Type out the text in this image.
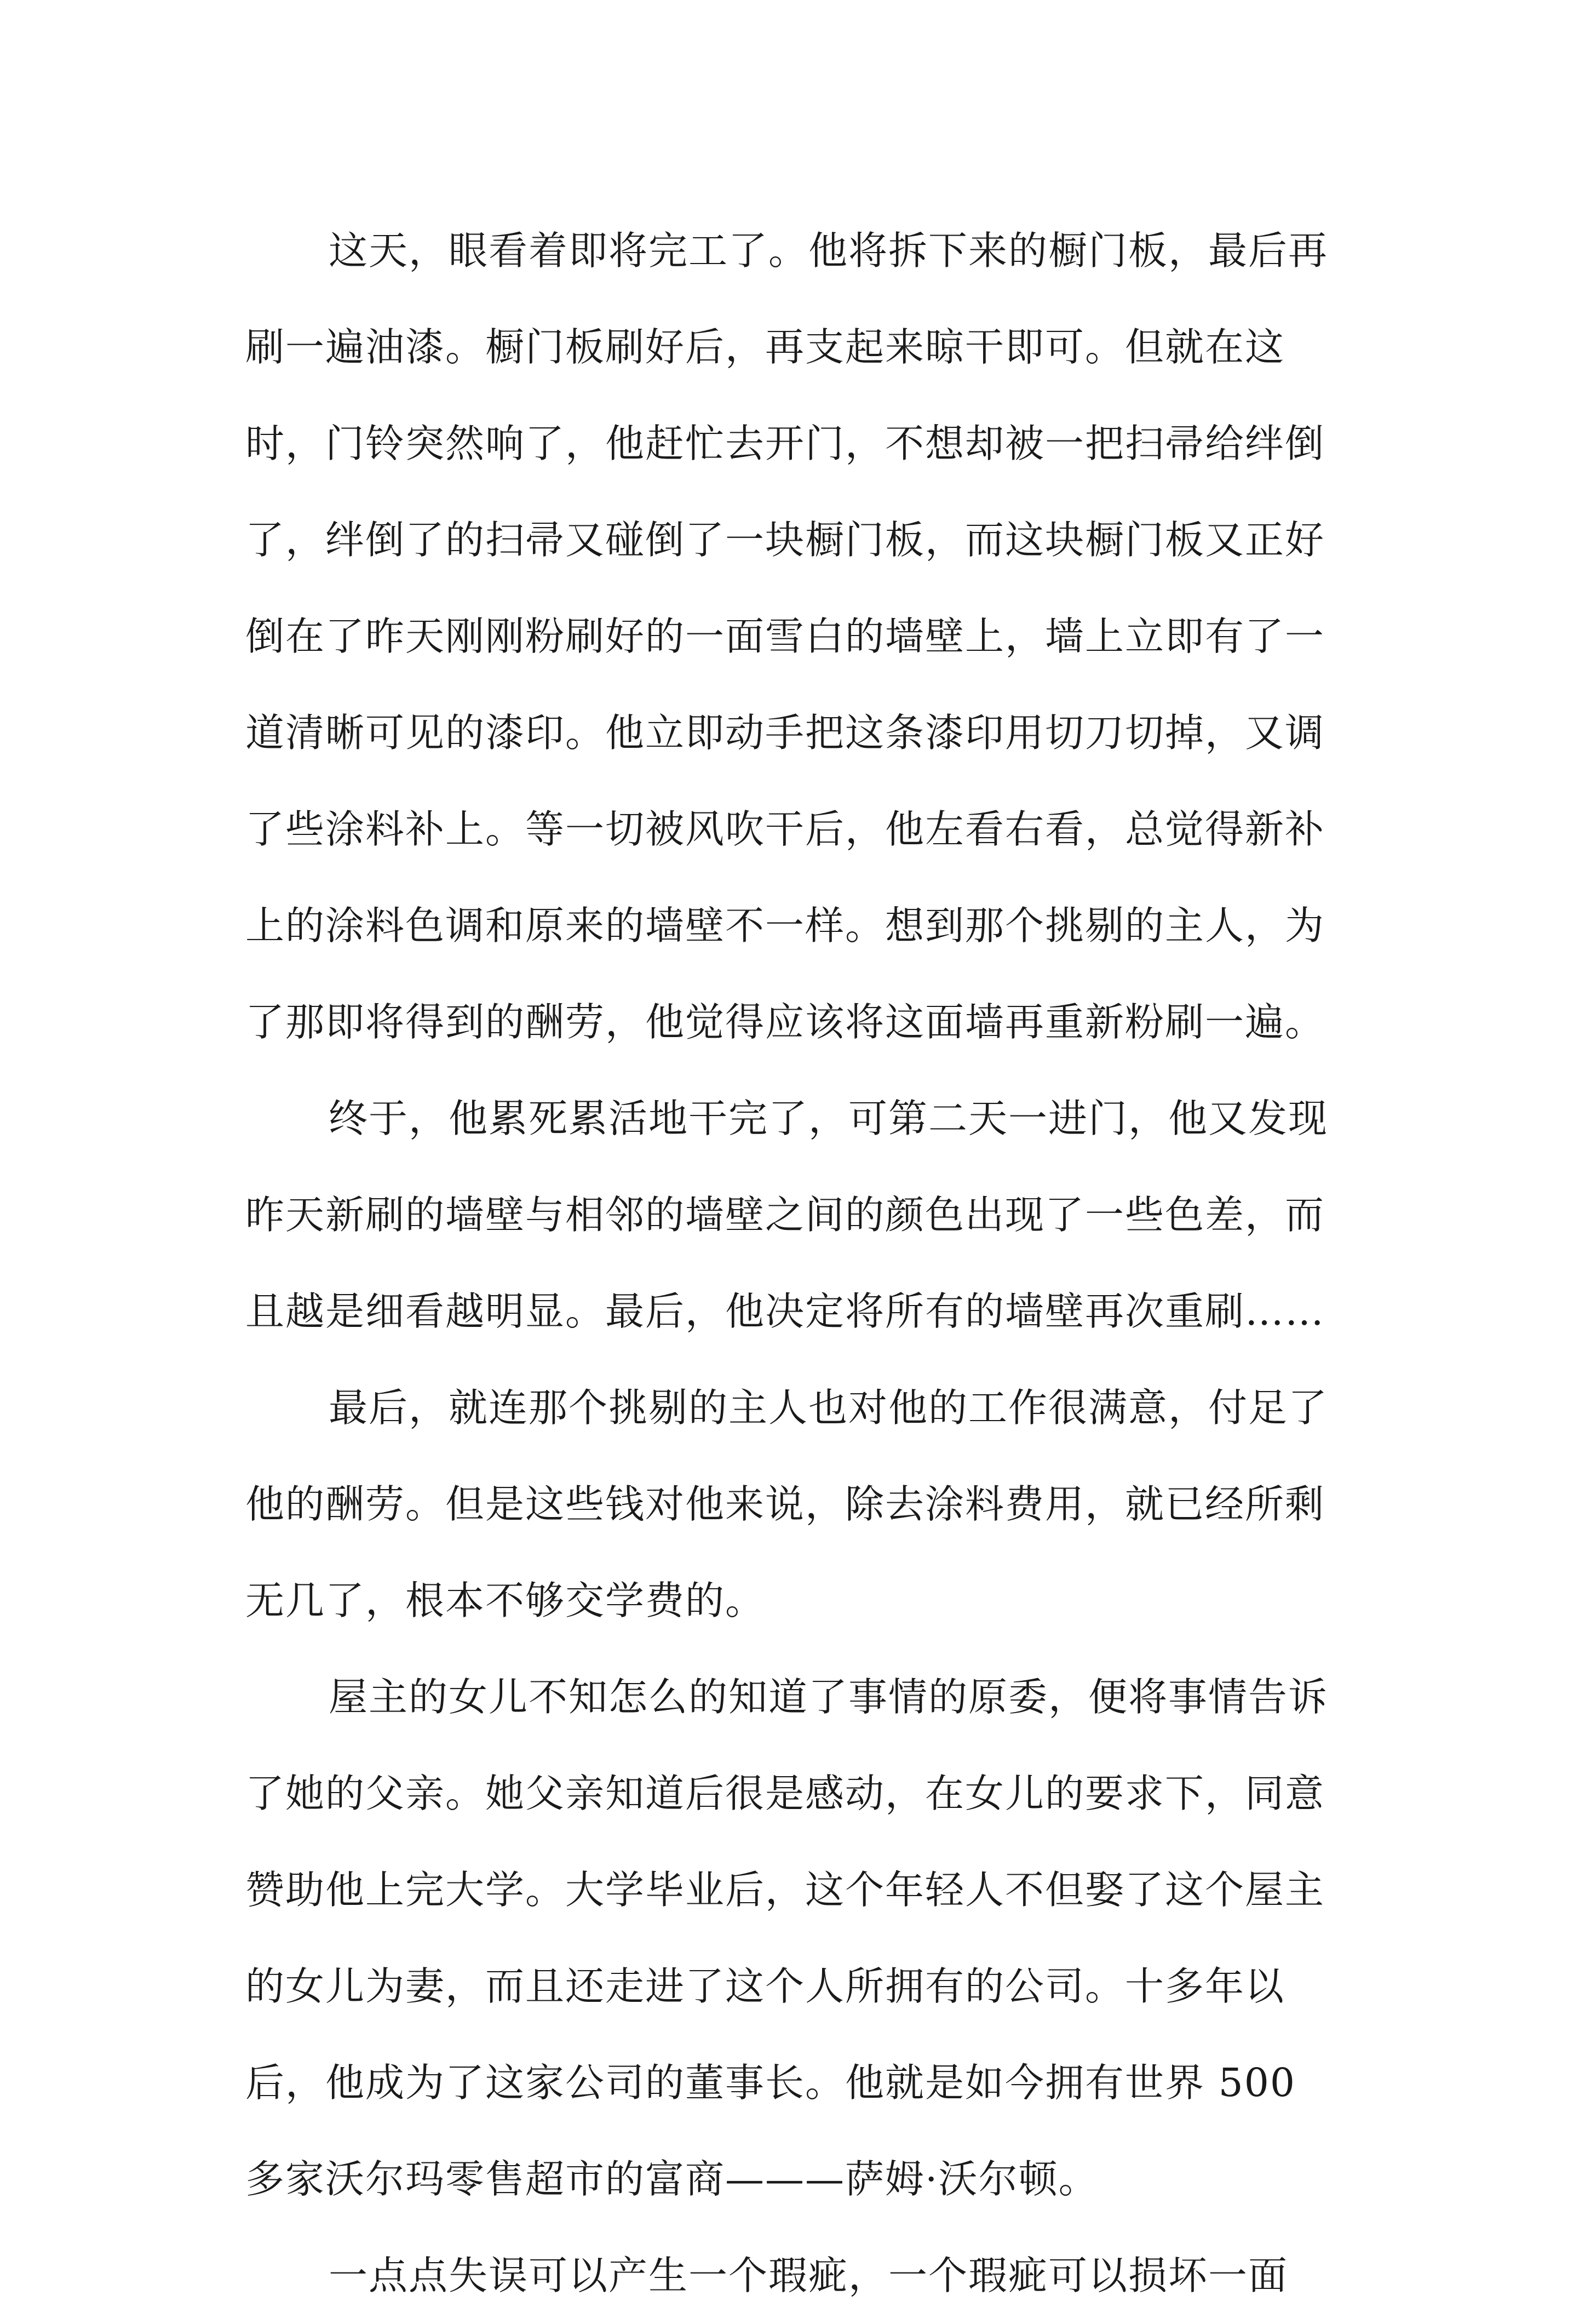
这天，眼看着即将完工了。他将拆下来的橱门板，最后再刷一遍油漆。橱门板刷好后，再支起来晾干即可。但就在这时，门铃突然响了，他赶忙去开门，不想却被一把扫帚给绊倒了，绊倒了的扫帚又碰倒了一块橱门板，而这块橱门板又正好倒在了昨天刚刚粉刷好的一面雪白的墙壁上，墙上立即有了一道清晰可见的漆印。他立即动手把这条漆印用切刀切掉，又调了些涂料补上。等一切被风吹干后，他左看右看，总觉得新补上的涂料色调和原来的墙壁不一样。想到那个挑剔的主人，为了那即将得到的酬劳，他觉得应该将这面墙再重新粉刷一遍。

终于，他累死累活地干完了，可第二天一进门，他又发现昨天新刷的墙壁与相邻的墙壁之间的颜色出现了一些色差，而且越是细看越明显。最后，他决定将所有的墙壁再次重刷……

最后，就连那个挑剔的主人也对他的工作很满意，付足了他的酬劳。但是这些钱对他来说，除去涂料费用，就已经所剩无几了，根本不够交学费的。

屋主的女儿不知怎么的知道了事情的原委，便将事情告诉了她的父亲。她父亲知道后很是感动，在女儿的要求下，同意赞助他上完大学。大学毕业后，这个年轻人不但娶了这个屋主的女儿为妻，而且还走进了这个人所拥有的公司。十多年以后，他成为了这家公司的董事长。他就是如今拥有世界 500 多家沃尔玛零售超市的富商———萨姆·沃尔顿。

一点点失误可以产生一个瑕疵，一个瑕疵可以损坏一面
